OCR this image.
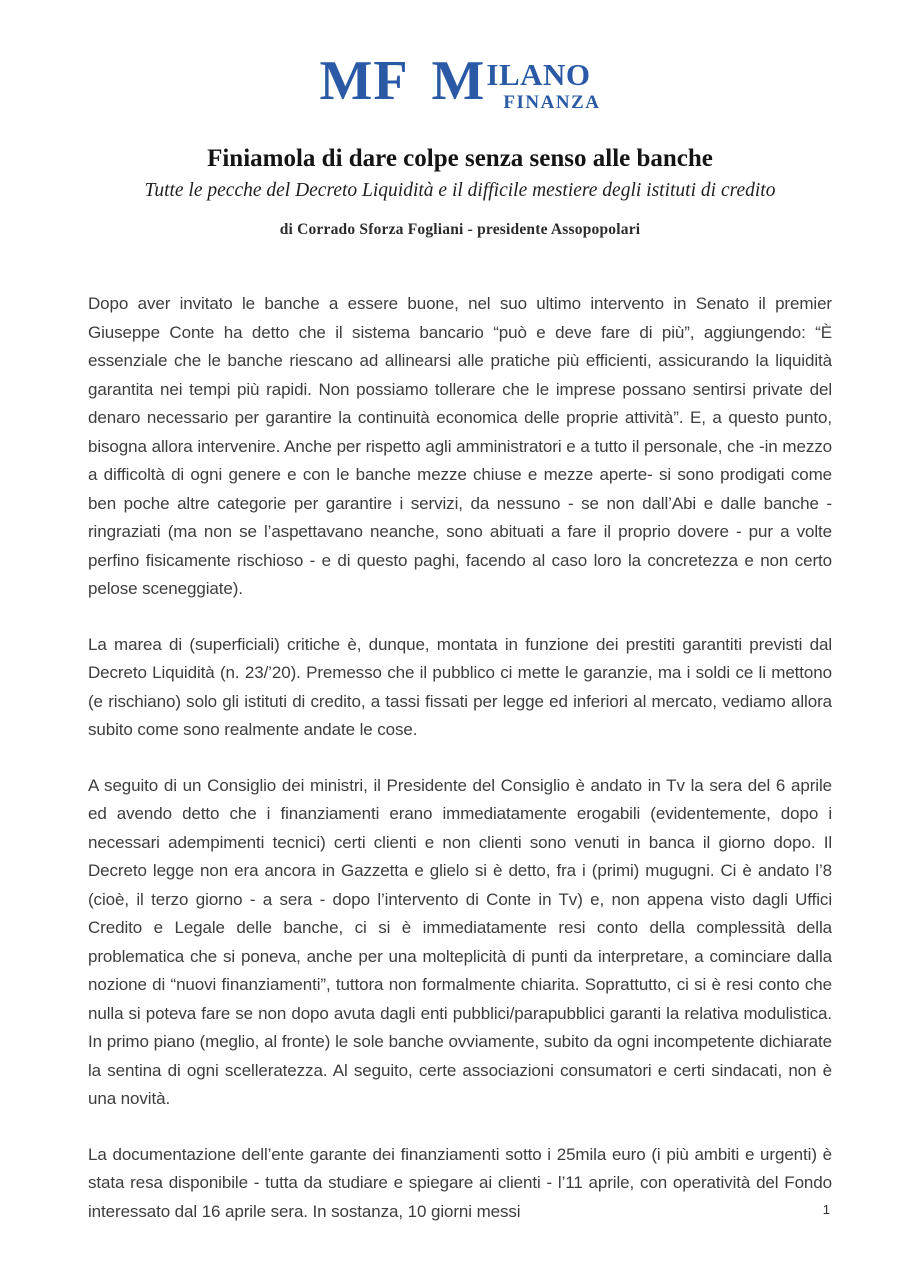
MF M ILANO
FINANZA
Finiamola di dare colpe senza senso alle banche
Tutte le pecche del Decreto Liquidità e il difficile mestiere degli istituti di credito
di Corrado Sforza Fogliani - presidente Assopopolari

Dopo aver invitato le banche a essere buone, nel suo ultimo intervento in Senato il premier Giuseppe Conte ha detto che il sistema bancario “può e deve fare di più”, aggiungendo: “È essenziale che le banche riescano ad allinearsi alle pratiche più efficienti, assicurando la liquidità garantita nei tempi più rapidi. Non possiamo tollerare che le imprese possano sentirsi private del denaro necessario per garantire la continuità economica delle proprie attività”. E, a questo punto, bisogna allora intervenire. Anche per rispetto agli amministratori e a tutto il personale, che -in mezzo a difficoltà di ogni genere e con le banche mezze chiuse e mezze aperte- si sono prodigati come ben poche altre categorie per garantire i servizi, da nessuno - se non dall’Abi e dalle banche - ringraziati (ma non se l’aspettavano neanche, sono abituati a fare il proprio dovere - pur a volte perfino fisicamente rischioso - e di questo paghi, facendo al caso loro la concretezza e non certo pelose sceneggiate).

La marea di (superficiali) critiche è, dunque, montata in funzione dei prestiti garantiti previsti dal Decreto Liquidità (n. 23/’20). Premesso che il pubblico ci mette le garanzie, ma i soldi ce li mettono (e rischiano) solo gli istituti di credito, a tassi fissati per legge ed inferiori al mercato, vediamo allora subito come sono realmente andate le cose.

A seguito di un Consiglio dei ministri, il Presidente del Consiglio è andato in Tv la sera del 6 aprile ed avendo detto che i finanziamenti erano immediatamente erogabili (evidentemente, dopo i necessari adempimenti tecnici) certi clienti e non clienti sono venuti in banca il giorno dopo. Il Decreto legge non era ancora in Gazzetta e glielo si è detto, fra i (primi) mugugni. Ci è andato l’8 (cioè, il terzo giorno - a sera - dopo l’intervento di Conte in Tv) e, non appena visto dagli Uffici Credito e Legale delle banche, ci si è immediatamente resi conto della complessità della problematica che si poneva, anche per una molteplicità di punti da interpretare, a cominciare dalla nozione di “nuovi finanziamenti”, tuttora non formalmente chiarita. Soprattutto, ci si è resi conto che nulla si poteva fare se non dopo avuta dagli enti pubblici/parapubblici garanti la relativa modulistica. In primo piano (meglio, al fronte) le sole banche ovviamente, subito da ogni incompetente dichiarate la sentina di ogni scelleratezza. Al seguito, certe associazioni consumatori e certi sindacati, non è una novità.

La documentazione dell’ente garante dei finanziamenti sotto i 25mila euro (i più ambiti e urgenti) è stata resa disponibile - tutta da studiare e spiegare ai clienti - l’11 aprile, con operatività del Fondo interessato dal 16 aprile sera. In sostanza, 10 giorni messi	1
